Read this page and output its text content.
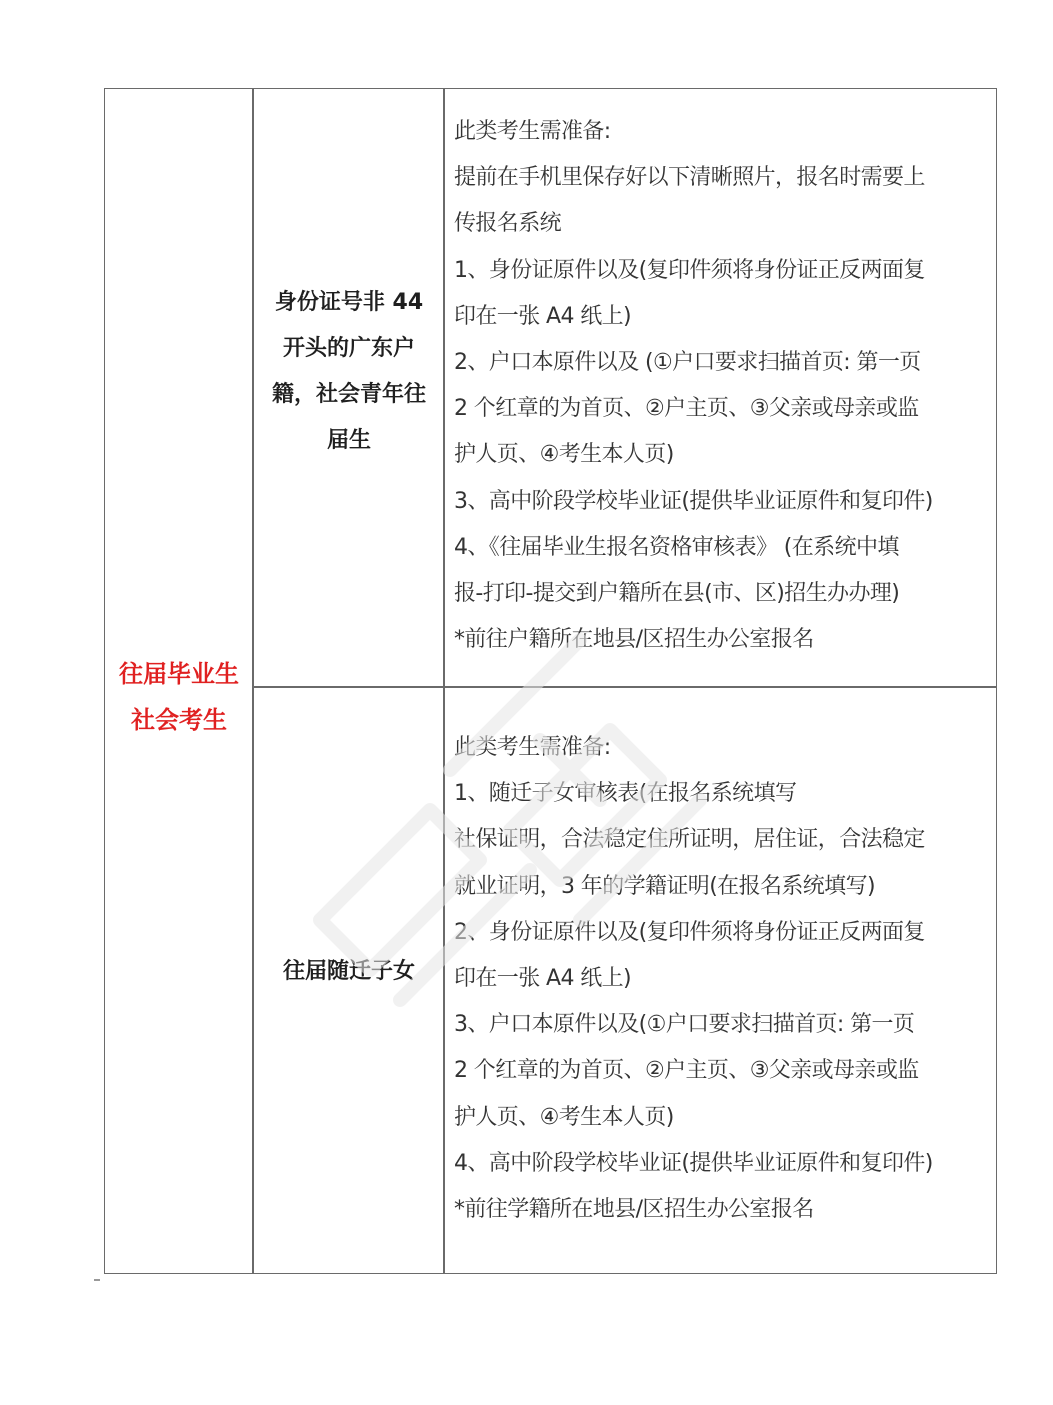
往届毕业生
社会考生
身份证号非 44
开头的广东户
籍，社会青年往
届生
此类考生需准备:
提前在手机里保存好以下清晰照片，报名时需要上
传报名系统
1、身份证原件以及(复印件须将身份证正反两面复
印在一张 A4 纸上)
2、户口本原件以及 (①户口要求扫描首页: 第一页
2 个红章的为首页、②户主页、③父亲或母亲或监
护人页、④考生本人页)
3、高中阶段学校毕业证(提供毕业证原件和复印件)
4、《往届毕业生报名资格审核表》 (在系统中填
报-打印-提交到户籍所在县(市、区)招生办办理)
*前往户籍所在地县/区招生办公室报名
往届随迁子女
此类考生需准备:
1、随迁子女审核表(在报名系统填写
社保证明，合法稳定住所证明，居住证，合法稳定
就业证明，3 年的学籍证明(在报名系统填写)
2、身份证原件以及(复印件须将身份证正反两面复
印在一张 A4 纸上)
3、户口本原件以及(①户口要求扫描首页: 第一页
2 个红章的为首页、②户主页、③父亲或母亲或监
护人页、④考生本人页)
4、高中阶段学校毕业证(提供毕业证原件和复印件)
*前往学籍所在地县/区招生办公室报名
